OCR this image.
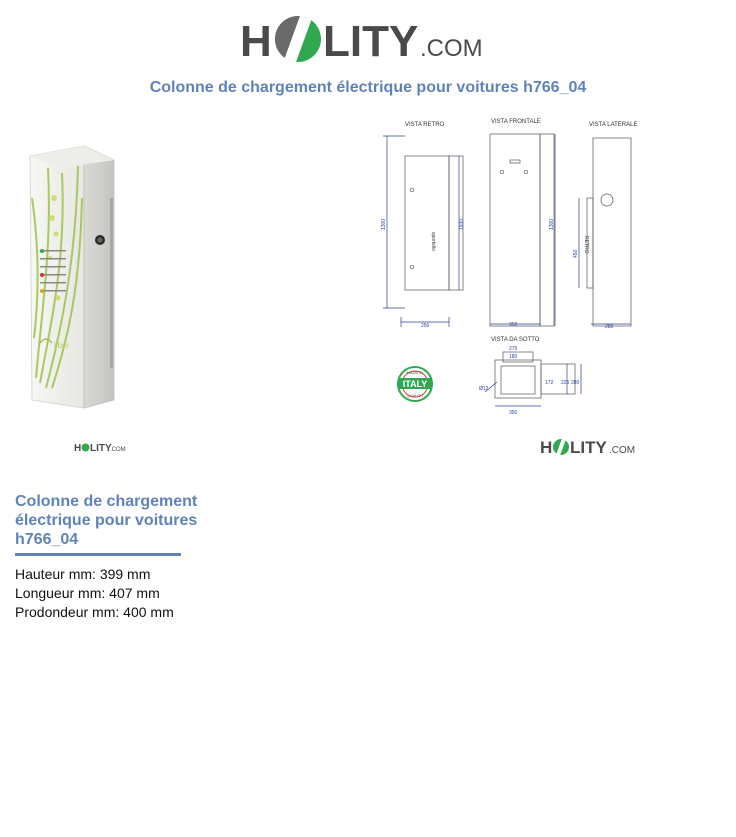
H LITY .COM
Colonne de chargement électrique pour voitures h766_04
liber
H LITY
.COM
VISTA RETRO	VISTA FRONTALE	VISTA LATERALE
VISTA DA SOTTO
250	350	280
275
180
172 225 280
350
Ø12
1300	1930	1300
450
sportello	RETRO
MADE IN
ITALY
QUALITY
H LITY .COM
Colonne de chargement électrique pour voitures h766_04
Hauteur mm: 399 mm
Longueur mm: 407 mm
Prodondeur mm: 400 mm
